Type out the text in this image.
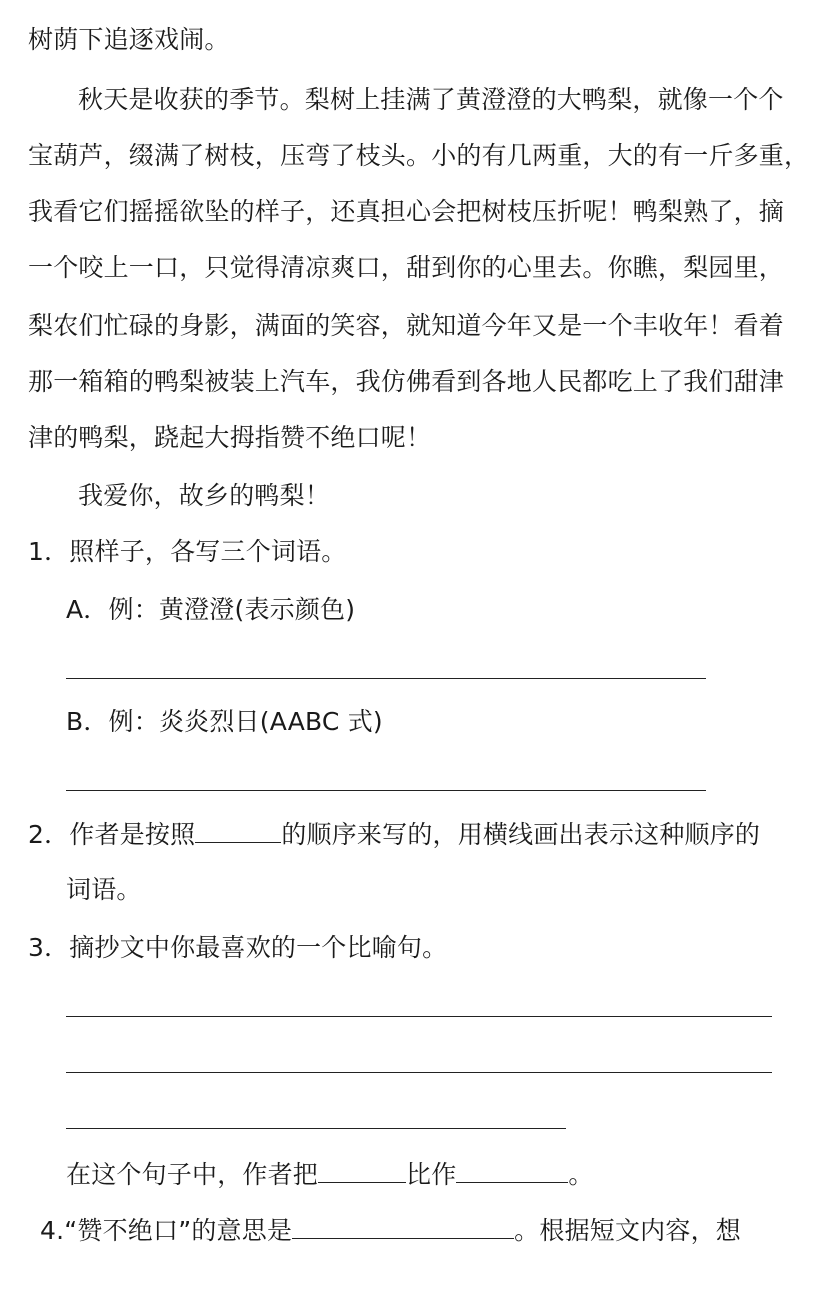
树荫下追逐戏闹。
秋天是收获的季节。梨树上挂满了黄澄澄的大鸭梨，就像一个个
宝葫芦，缀满了树枝，压弯了枝头。小的有几两重，大的有一斤多重，
我看它们摇摇欲坠的样子，还真担心会把树枝压折呢！鸭梨熟了，摘
一个咬上一口，只觉得清凉爽口，甜到你的心里去。你瞧，梨园里，
梨农们忙碌的身影，满面的笑容，就知道今年又是一个丰收年！看着
那一箱箱的鸭梨被装上汽车，我仿佛看到各地人民都吃上了我们甜津
津的鸭梨，跷起大拇指赞不绝口呢！
我爱你，故乡的鸭梨！
1．照样子，各写三个词语。
A．例：黄澄澄(表示颜色)
B．例：炎炎烈日(AABC 式)
2．作者是按照	的顺序来写的，用横线画出表示这种顺序的
词语。
3．摘抄文中你最喜欢的一个比喻句。
在这个句子中，作者把	比作	。
4.“赞不绝口”的意思是	。根据短文内容，想
